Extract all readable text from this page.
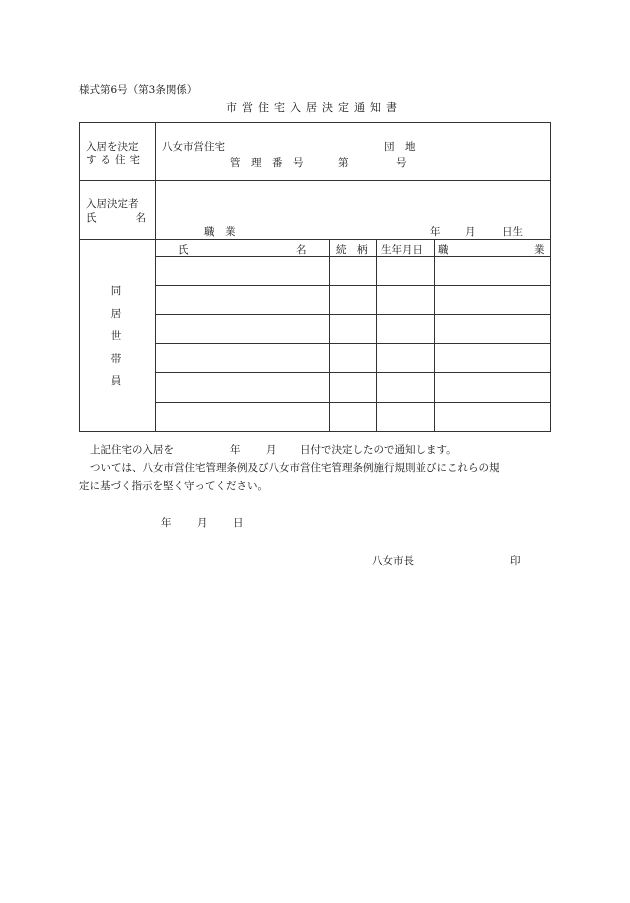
様式第6号（第3条関係）
市営住宅入居決定通知書
入居を決定
する住宅
八女市営住宅	団　地
管　理　番　号	第	号
入居決定者
氏　　名
職　業	年 月	日生
氏	名	続　柄 生年月日 職	業
同
居
世
帯
員
上記住宅の入居を	年 月 日付で決定したので通知します。
ついては、八女市営住宅管理条例及び八女市営住宅管理条例施行規則並びにこれらの規
定に基づく指示を堅く守ってください。
年 月 日
八女市長	印
